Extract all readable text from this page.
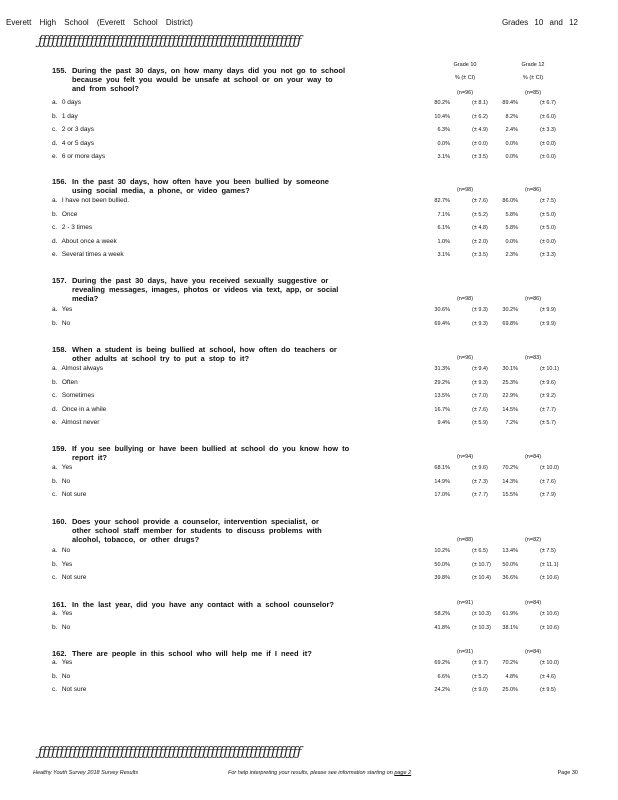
Everett High School (Everett School District)	Grades 10 and 12
ƒƒƒƒƒƒƒƒƒƒƒƒƒƒƒƒƒƒƒƒƒƒƒƒƒƒƒƒƒƒƒƒƒƒƒƒƒƒƒƒƒƒƒƒƒƒƒƒƒƒƒƒƒƒƒƒƒƒƒƒƒ
Grade 10
% (± CI)
Grade 12
% (± CI)
155. During the past 30 days, on how many days did you not go to school
because you felt you would be unsafe at school or on your way to
and from school?	(n=96)	(n=85)
a. 0 days	80.2%	(± 8.1)	89.4%	(± 6.7)
b. 1 day	10.4%	(± 6.2)	8.2%	(± 6.0)
c. 2 or 3 days	6.3%	(± 4.9)	2.4%	(± 3.3)
d. 4 or 5 days	0.0%	(± 0.0)	0.0%	(± 0.0)
e. 6 or more days	3.1%	(± 3.5)	0.0%	(± 0.0)
156. In the past 30 days, how often have you been bullied by someone
using social media, a phone, or video games?	(n=98)	(n=86)
a. I have not been bullied.	82.7%	(± 7.6)	86.0%	(± 7.5)
b. Once	7.1%	(± 5.2)	5.8%	(± 5.0)
c. 2 - 3 times	6.1%	(± 4.8)	5.8%	(± 5.0)
d. About once a week	1.0%	(± 2.0)	0.0%	(± 0.0)
e. Several times a week	3.1%	(± 3.5)	2.3%	(± 3.3)
157. During the past 30 days, have you received sexually suggestive or
revealing messages, images, photos or videos via text, app, or social
media?	(n=98)	(n=86)
a. Yes	30.6%	(± 9.3)	30.2%	(± 9.9)
b. No	69.4%	(± 9.3)	69.8%	(± 9.9)
158. When a student is being bullied at school, how often do teachers or
other adults at school try to put a stop to it?	(n=96)	(n=83)
a. Almost always	31.3%	(± 9.4)	30.1%	(± 10.1)
b. Often	29.2%	(± 9.3)	25.3%	(± 9.6)
c. Sometimes	13.5%	(± 7.0)	22.9%	(± 9.2)
d. Once in a while	16.7%	(± 7.6)	14.5%	(± 7.7)
e. Almost never	9.4%	(± 5.9)	7.2%	(± 5.7)
159. If you see bullying or have been bullied at school do you know how to
report it?	(n=94)	(n=84)
a. Yes	68.1%	(± 9.6)	70.2%	(± 10.0)
b. No	14.9%	(± 7.3)	14.3%	(± 7.6)
c. Not sure	17.0%	(± 7.7)	15.5%	(± 7.9)
160. Does your school provide a counselor, intervention specialist, or
other school staff member for students to discuss problems with
alcohol, tobacco, or other drugs?	(n=88)	(n=82)
a. No	10.2%	(± 6.5)	13.4%	(± 7.5)
b. Yes	50.0%	(± 10.7)	50.0%	(± 11.1)
c. Not sure	39.8%	(± 10.4)	36.6%	(± 10.6)
161. In the last year, did you have any contact with a school counselor?	(n=91)	(n=84)
a. Yes	58.2%	(± 10.3)	61.9%	(± 10.6)
b. No	41.8%	(± 10.3)	38.1%	(± 10.6)
162. There are people in this school who will help me if I need it?	(n=91)	(n=84)
a. Yes	69.2%	(± 9.7)	70.2%	(± 10.0)
b. No	6.6%	(± 5.2)	4.8%	(± 4.6)
c. Not sure	24.2%	(± 9.0)	25.0%	(± 9.5)
ƒƒƒƒƒƒƒƒƒƒƒƒƒƒƒƒƒƒƒƒƒƒƒƒƒƒƒƒƒƒƒƒƒƒƒƒƒƒƒƒƒƒƒƒƒƒƒƒƒƒƒƒƒƒƒƒƒƒƒƒƒ
Healthy Youth Survey 2018 Survey Results	For help interpreting your results, please see information starting on page 2	Page 30
